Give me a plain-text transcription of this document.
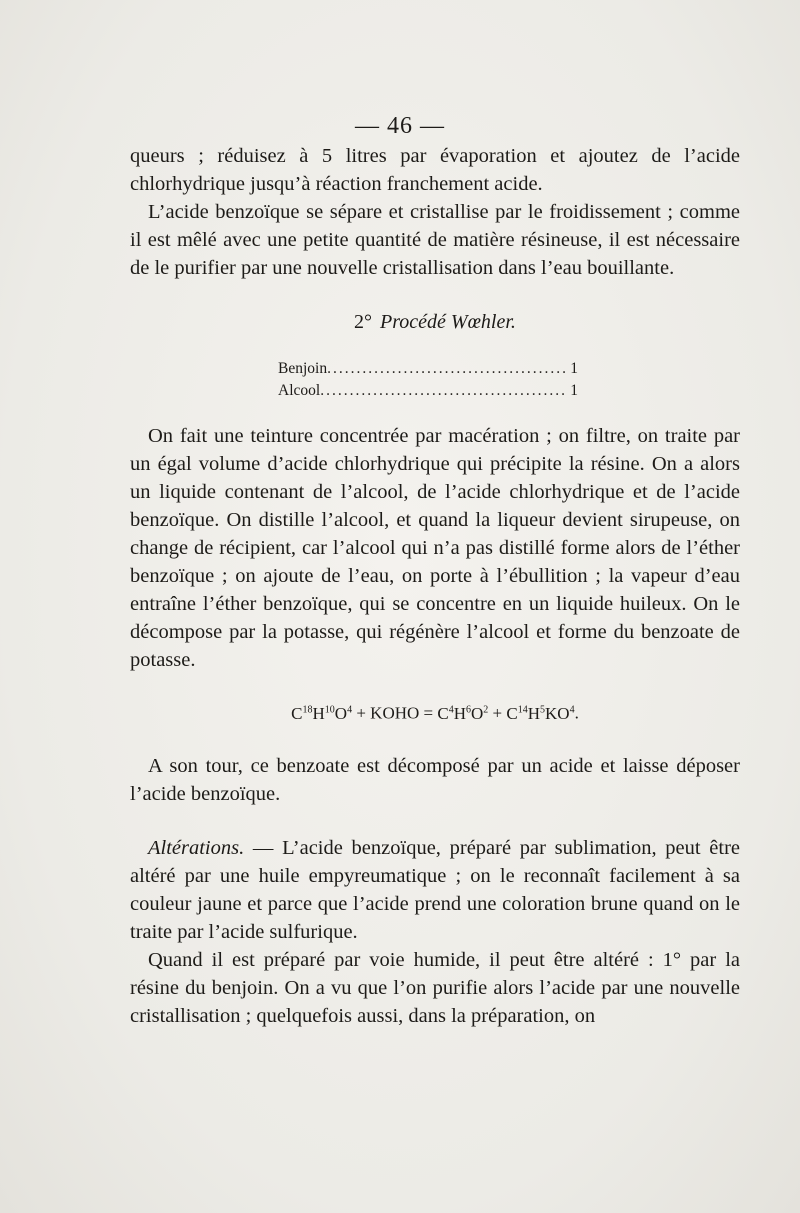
— 46 —

queurs ; réduisez à 5 litres par évaporation et ajoutez de l’acide chlorhydrique jusqu’à réaction franchement acide.

L’acide benzoïque se sépare et cristallise par le froidissement ; comme il est mêlé avec une petite quantité de matière résineuse, il est nécessaire de le purifier par une nouvelle cristallisation dans l’eau bouillante.

2° Procédé Wœhler.

Benjoin .....	1
Alcool .....	1

On fait une teinture concentrée par macération ; on filtre, on traite par un égal volume d’acide chlorhydrique qui précipite la résine. On a alors un liquide contenant de l’alcool, de l’acide chlorhydrique et de l’acide benzoïque. On distille l’alcool, et quand la liqueur devient sirupeuse, on change de récipient, car l’alcool qui n’a pas distillé forme alors de l’éther benzoïque ; on ajoute de l’eau, on porte à l’ébullition ; la vapeur d’eau entraîne l’éther benzoïque, qui se concentre en un liquide huileux. On le décompose par la potasse, qui régénère l’alcool et forme du benzoate de potasse.

$C^{18}H^{10}O^4$ + KOHO = $C^4H^6O^2 + C^{14}H^5KO^4$.

A son tour, ce benzoate est décomposé par un acide et laisse déposer l’acide benzoïque.

Altérations. — L’acide benzoïque, préparé par sublimation, peut être altéré par une huile empyreumatique ; on le reconnaît facilement à sa couleur jaune et parce que l’acide prend une coloration brune quand on le traite par l’acide sulfurique.

Quand il est préparé par voie humide, il peut être altéré : 1° par la résine du benjoin. On a vu que l’on purifie alors l’acide par une nouvelle cristallisation ; quelquefois aussi, dans la préparation, on
